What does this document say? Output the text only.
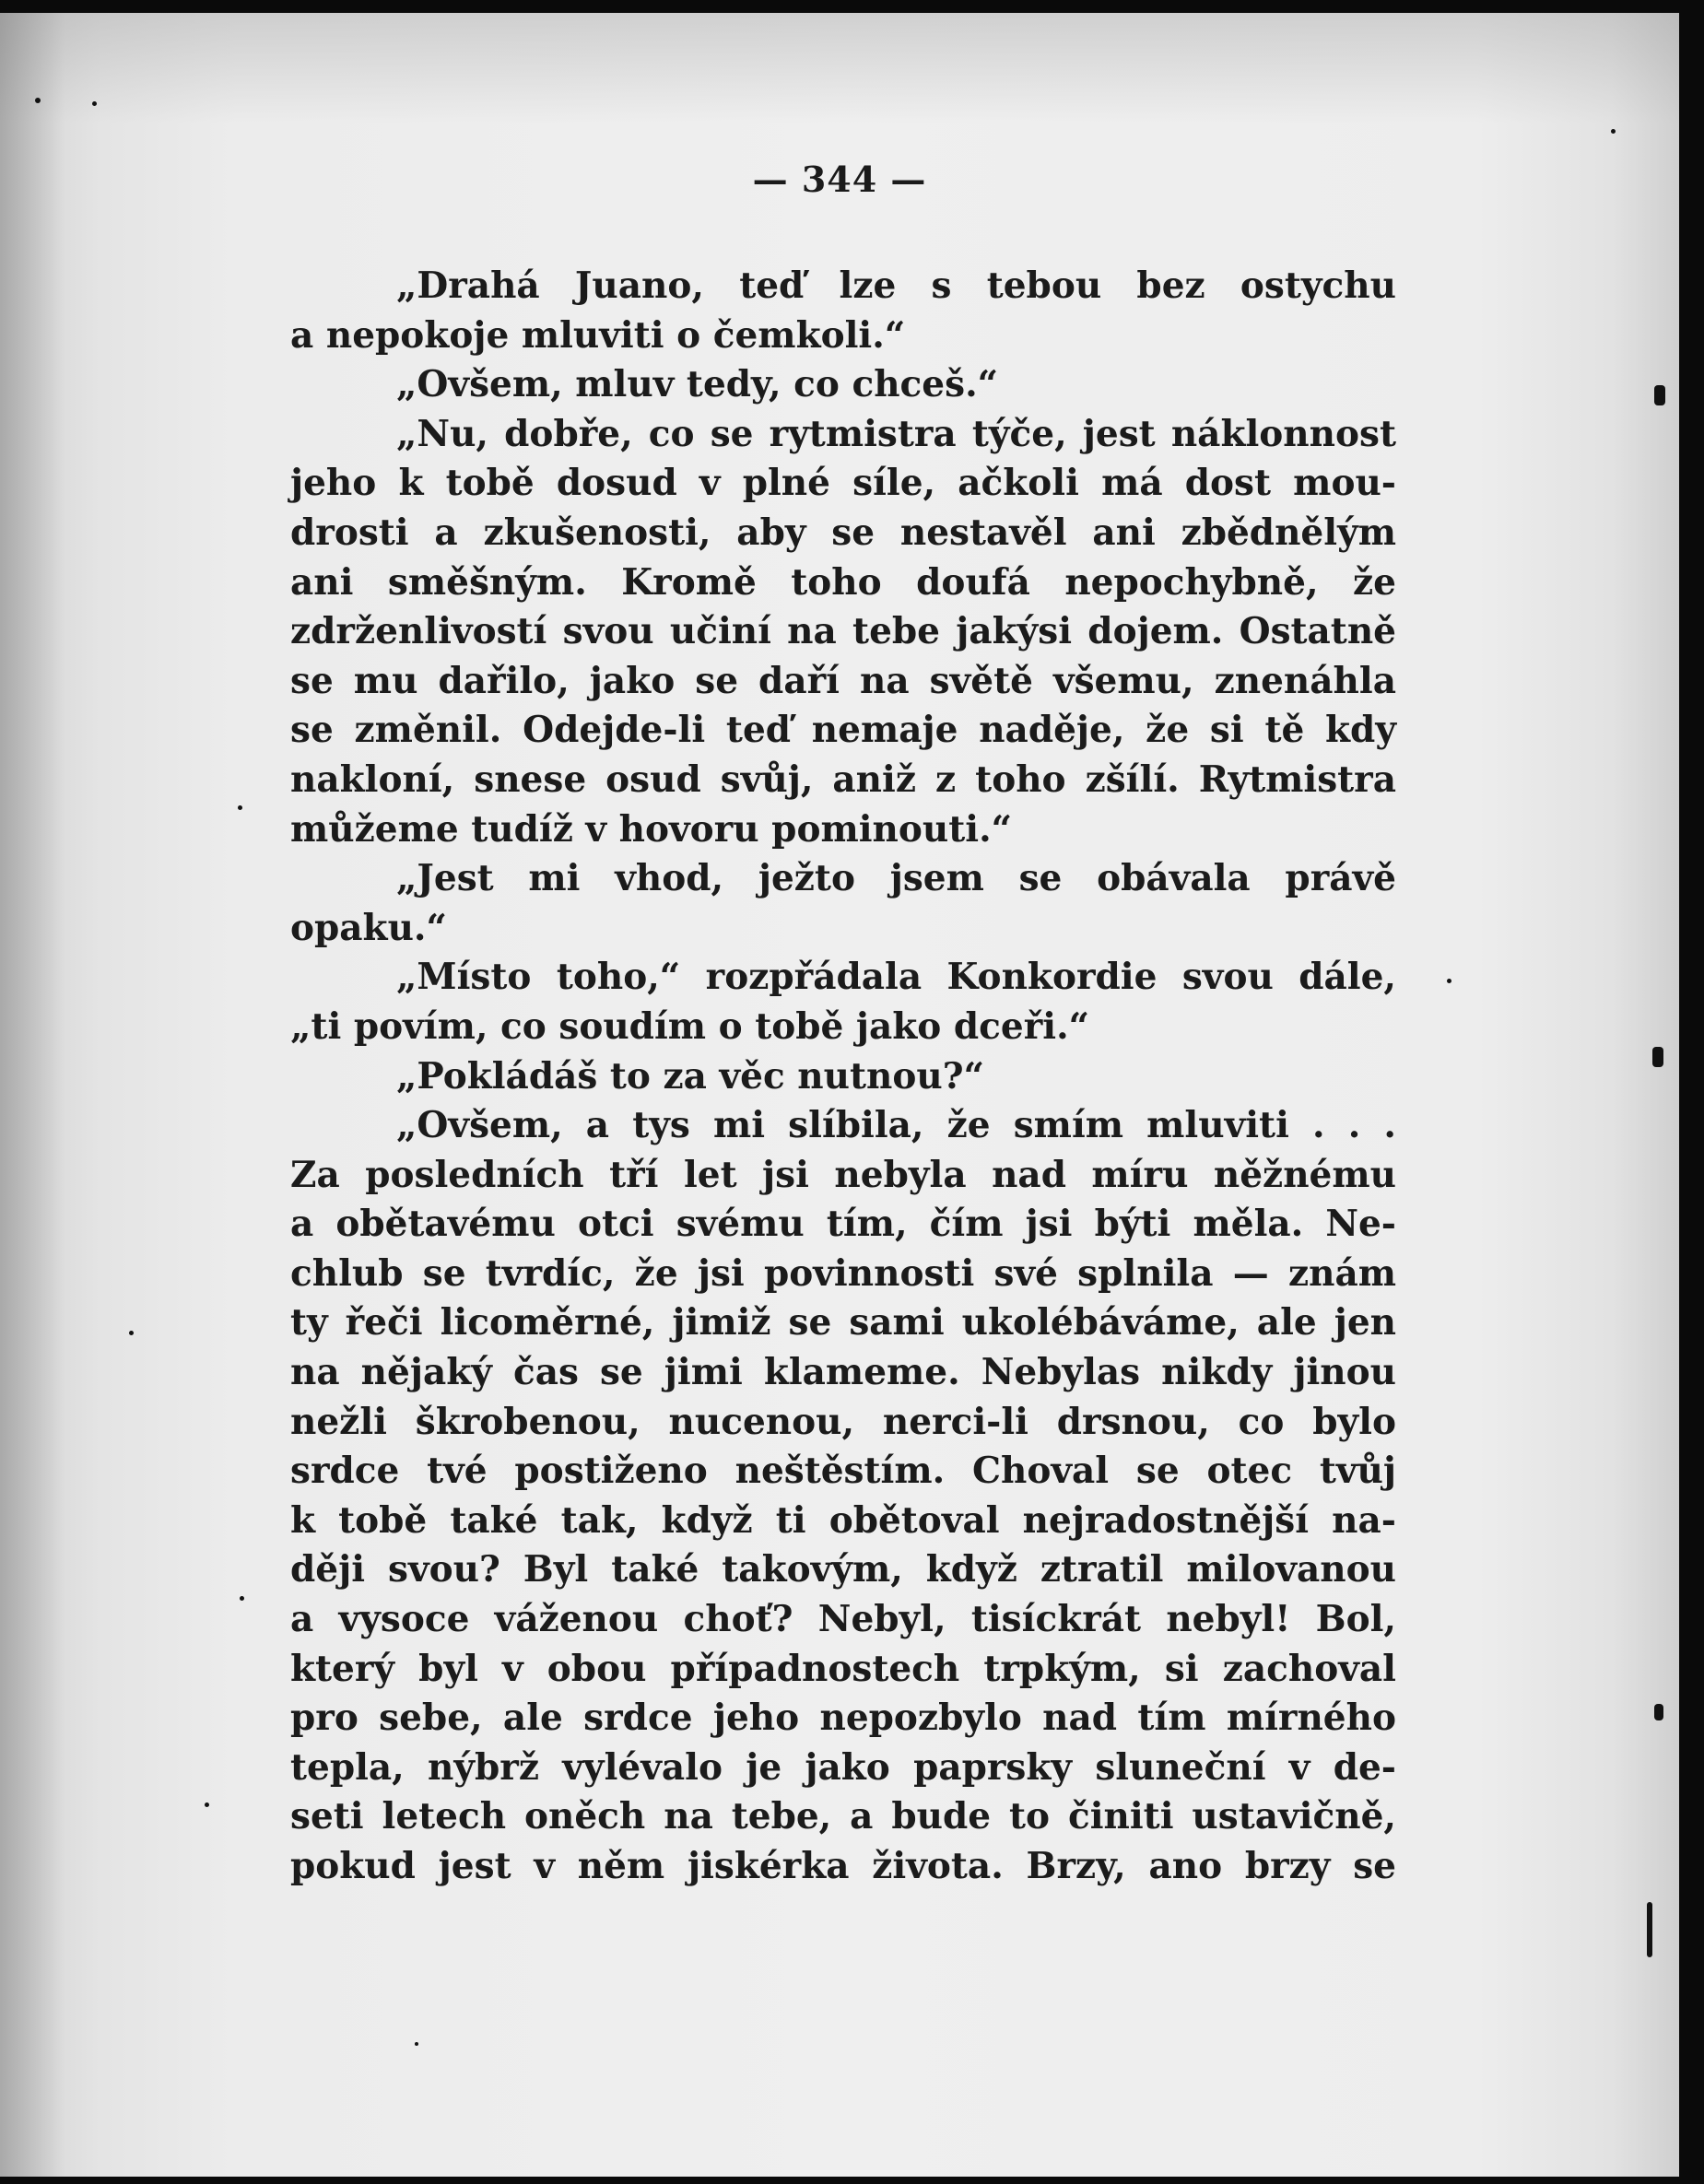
— 344 —
„Drahá Juano, teď lze s tebou bez ostychu
a nepokoje mluviti o čemkoli.“
„Ovšem, mluv tedy, co chceš.“
„Nu, dobře, co se rytmistra týče, jest náklonnost
jeho k tobě dosud v plné síle, ačkoli má dost mou-
drosti a zkušenosti, aby se nestavěl ani zbědnělým
ani směšným. Kromě toho doufá nepochybně, že
zdrženlivostí svou učiní na tebe jakýsi dojem. Ostatně
se mu dařilo, jako se daří na světě všemu, znenáhla
se změnil. Odejde-li teď nemaje naděje, že si tě kdy
nakloní, snese osud svůj, aniž z toho zšílí. Rytmistra
můžeme tudíž v hovoru pominouti.“
„Jest mi vhod, ježto jsem se obávala právě
opaku.“
„Místo toho,“ rozpřádala Konkordie svou dále,
„ti povím, co soudím o tobě jako dceři.“
„Pokládáš to za věc nutnou?“
„Ovšem, a tys mi slíbila, že smím mluviti . . .
Za posledních tří let jsi nebyla nad míru něžnému
a obětavému otci svému tím, čím jsi býti měla. Ne-
chlub se tvrdíc, že jsi povinnosti své splnila — znám
ty řeči licoměrné, jimiž se sami ukolébáváme, ale jen
na nějaký čas se jimi klameme. Nebylas nikdy jinou
nežli škrobenou, nucenou, nerci-li drsnou, co bylo
srdce tvé postiženo neštěstím. Choval se otec tvůj
k tobě také tak, když ti obětoval nejradostnější na-
ději svou? Byl také takovým, když ztratil milovanou
a vysoce váženou choť? Nebyl, tisíckrát nebyl! Bol,
který byl v obou případnostech trpkým, si zachoval
pro sebe, ale srdce jeho nepozbylo nad tím mírného
tepla, nýbrž vylévalo je jako paprsky sluneční v de-
seti letech oněch na tebe, a bude to činiti ustavičně,
pokud jest v něm jiskérka života. Brzy, ano brzy se
